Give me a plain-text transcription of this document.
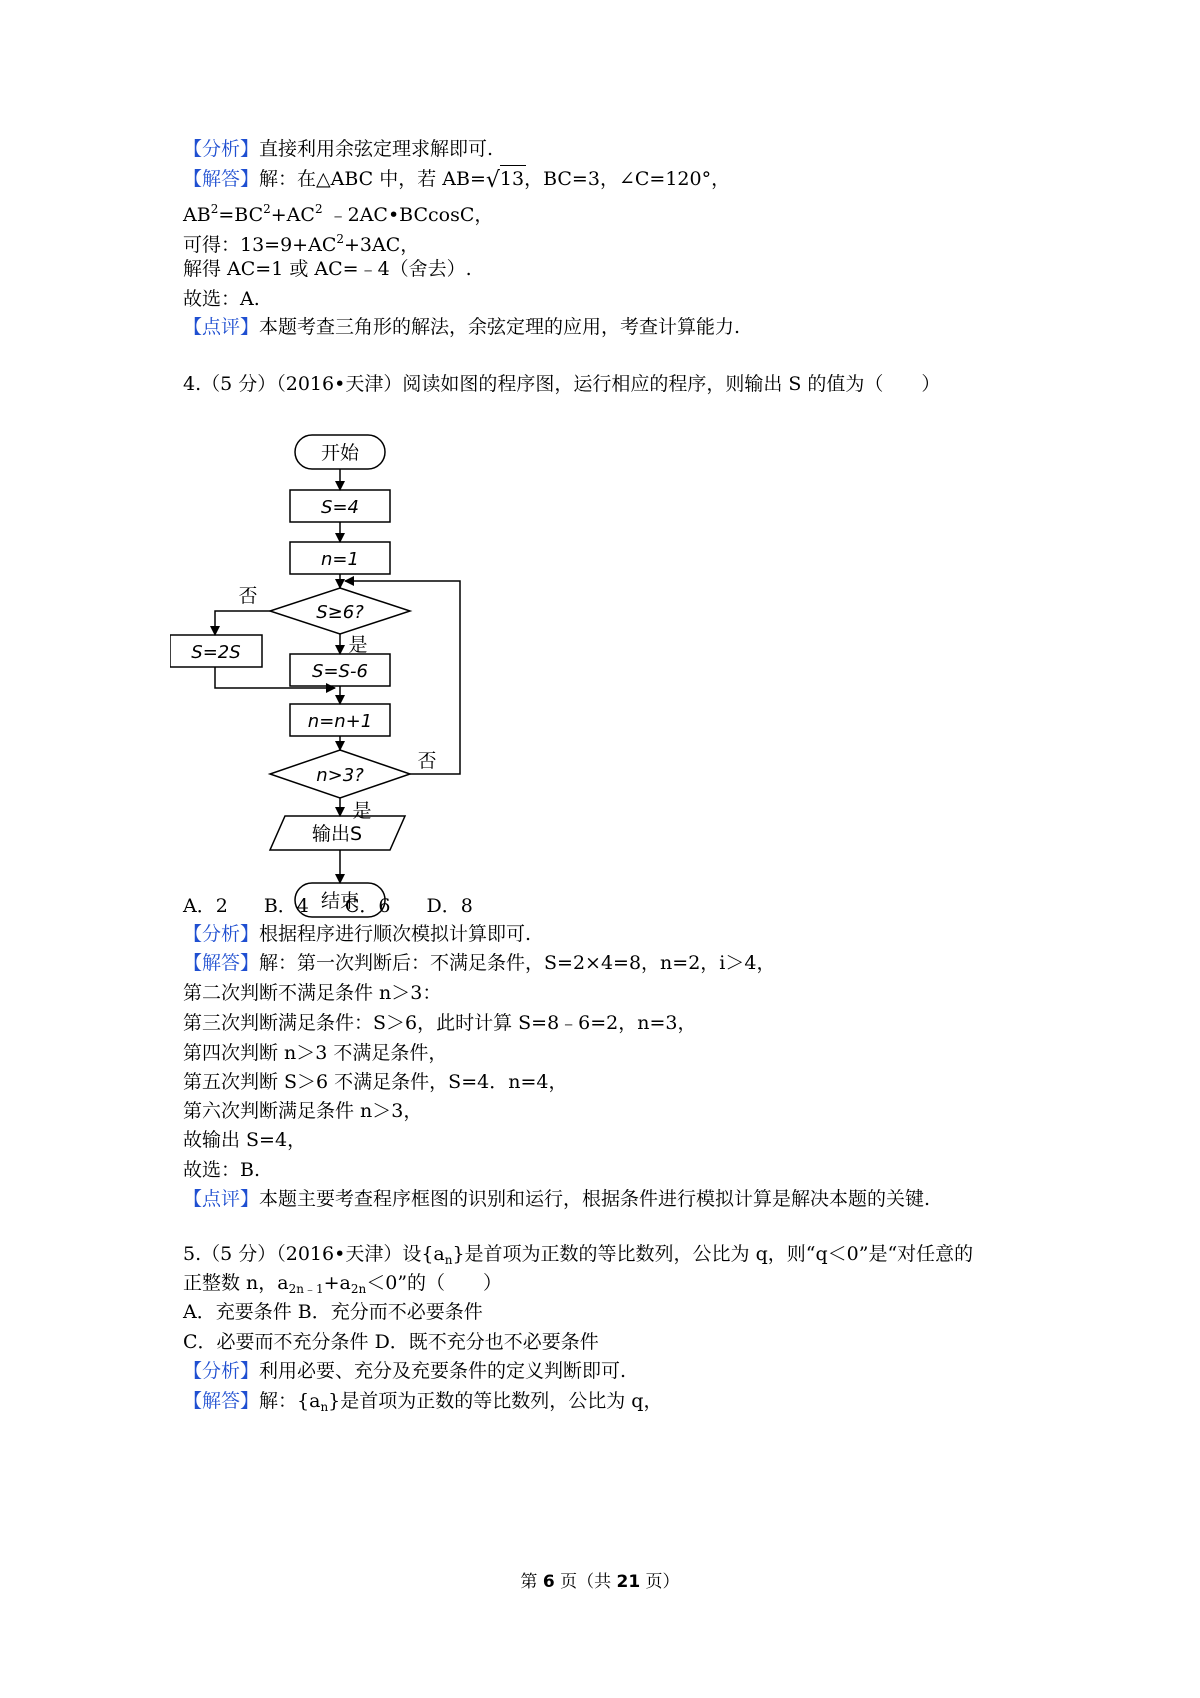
【分析】直接利用余弦定理求解即可.
【解答】解：在△ABC 中，若 AB= √ 13，BC=3，∠C=120°，
$AB^2=BC^2+AC^2$ ﹣2AC•BCcosC，
可得：$13=9+AC^2+3AC$，
解得 AC=1 或 AC=﹣4（舍去）.
故选：A.
【点评】本题考查三角形的解法，余弦定理的应用，考查计算能力.
4.（5 分）（2016•天津）阅读如图的程序图，运行相应的程序，则输出 S 的值为（　　）
开始
S=4
n=1
S≥6?
否
是
S=2S
S=S-6
n=n+1
n>3?
否
是
输出S
结束
A．2 B．4 C．6 D．8
【分析】根据程序进行顺次模拟计算即可.
【解答】解：第一次判断后：不满足条件，S=2×4=8，n=2，i＞4，
第二次判断不满足条件 n＞3：
第三次判断满足条件：S＞6，此时计算 S=8﹣6=2，n=3，
第四次判断 n＞3 不满足条件，
第五次判断 S＞6 不满足条件，S=4．n=4，
第六次判断满足条件 n＞3，
故输出 S=4，
故选：B.
【点评】本题主要考查程序框图的识别和运行，根据条件进行模拟计算是解决本题的关键.
5.（5 分）（2016•天津）设$\{a_n\}$是首项为正数的等比数列，公比为 q，则“q＜0”是“对任意的
正整数 n，$a_{2n﹣1}+a_{2n}<0$”的（　　）
A．充要条件 B．充分而不必要条件
C．必要而不充分条件 D．既不充分也不必要条件
【分析】利用必要、充分及充要条件的定义判断即可.
【解答】解：$\{a_n\}$是首项为正数的等比数列，公比为 q，
第 6 页（共 21 页）
